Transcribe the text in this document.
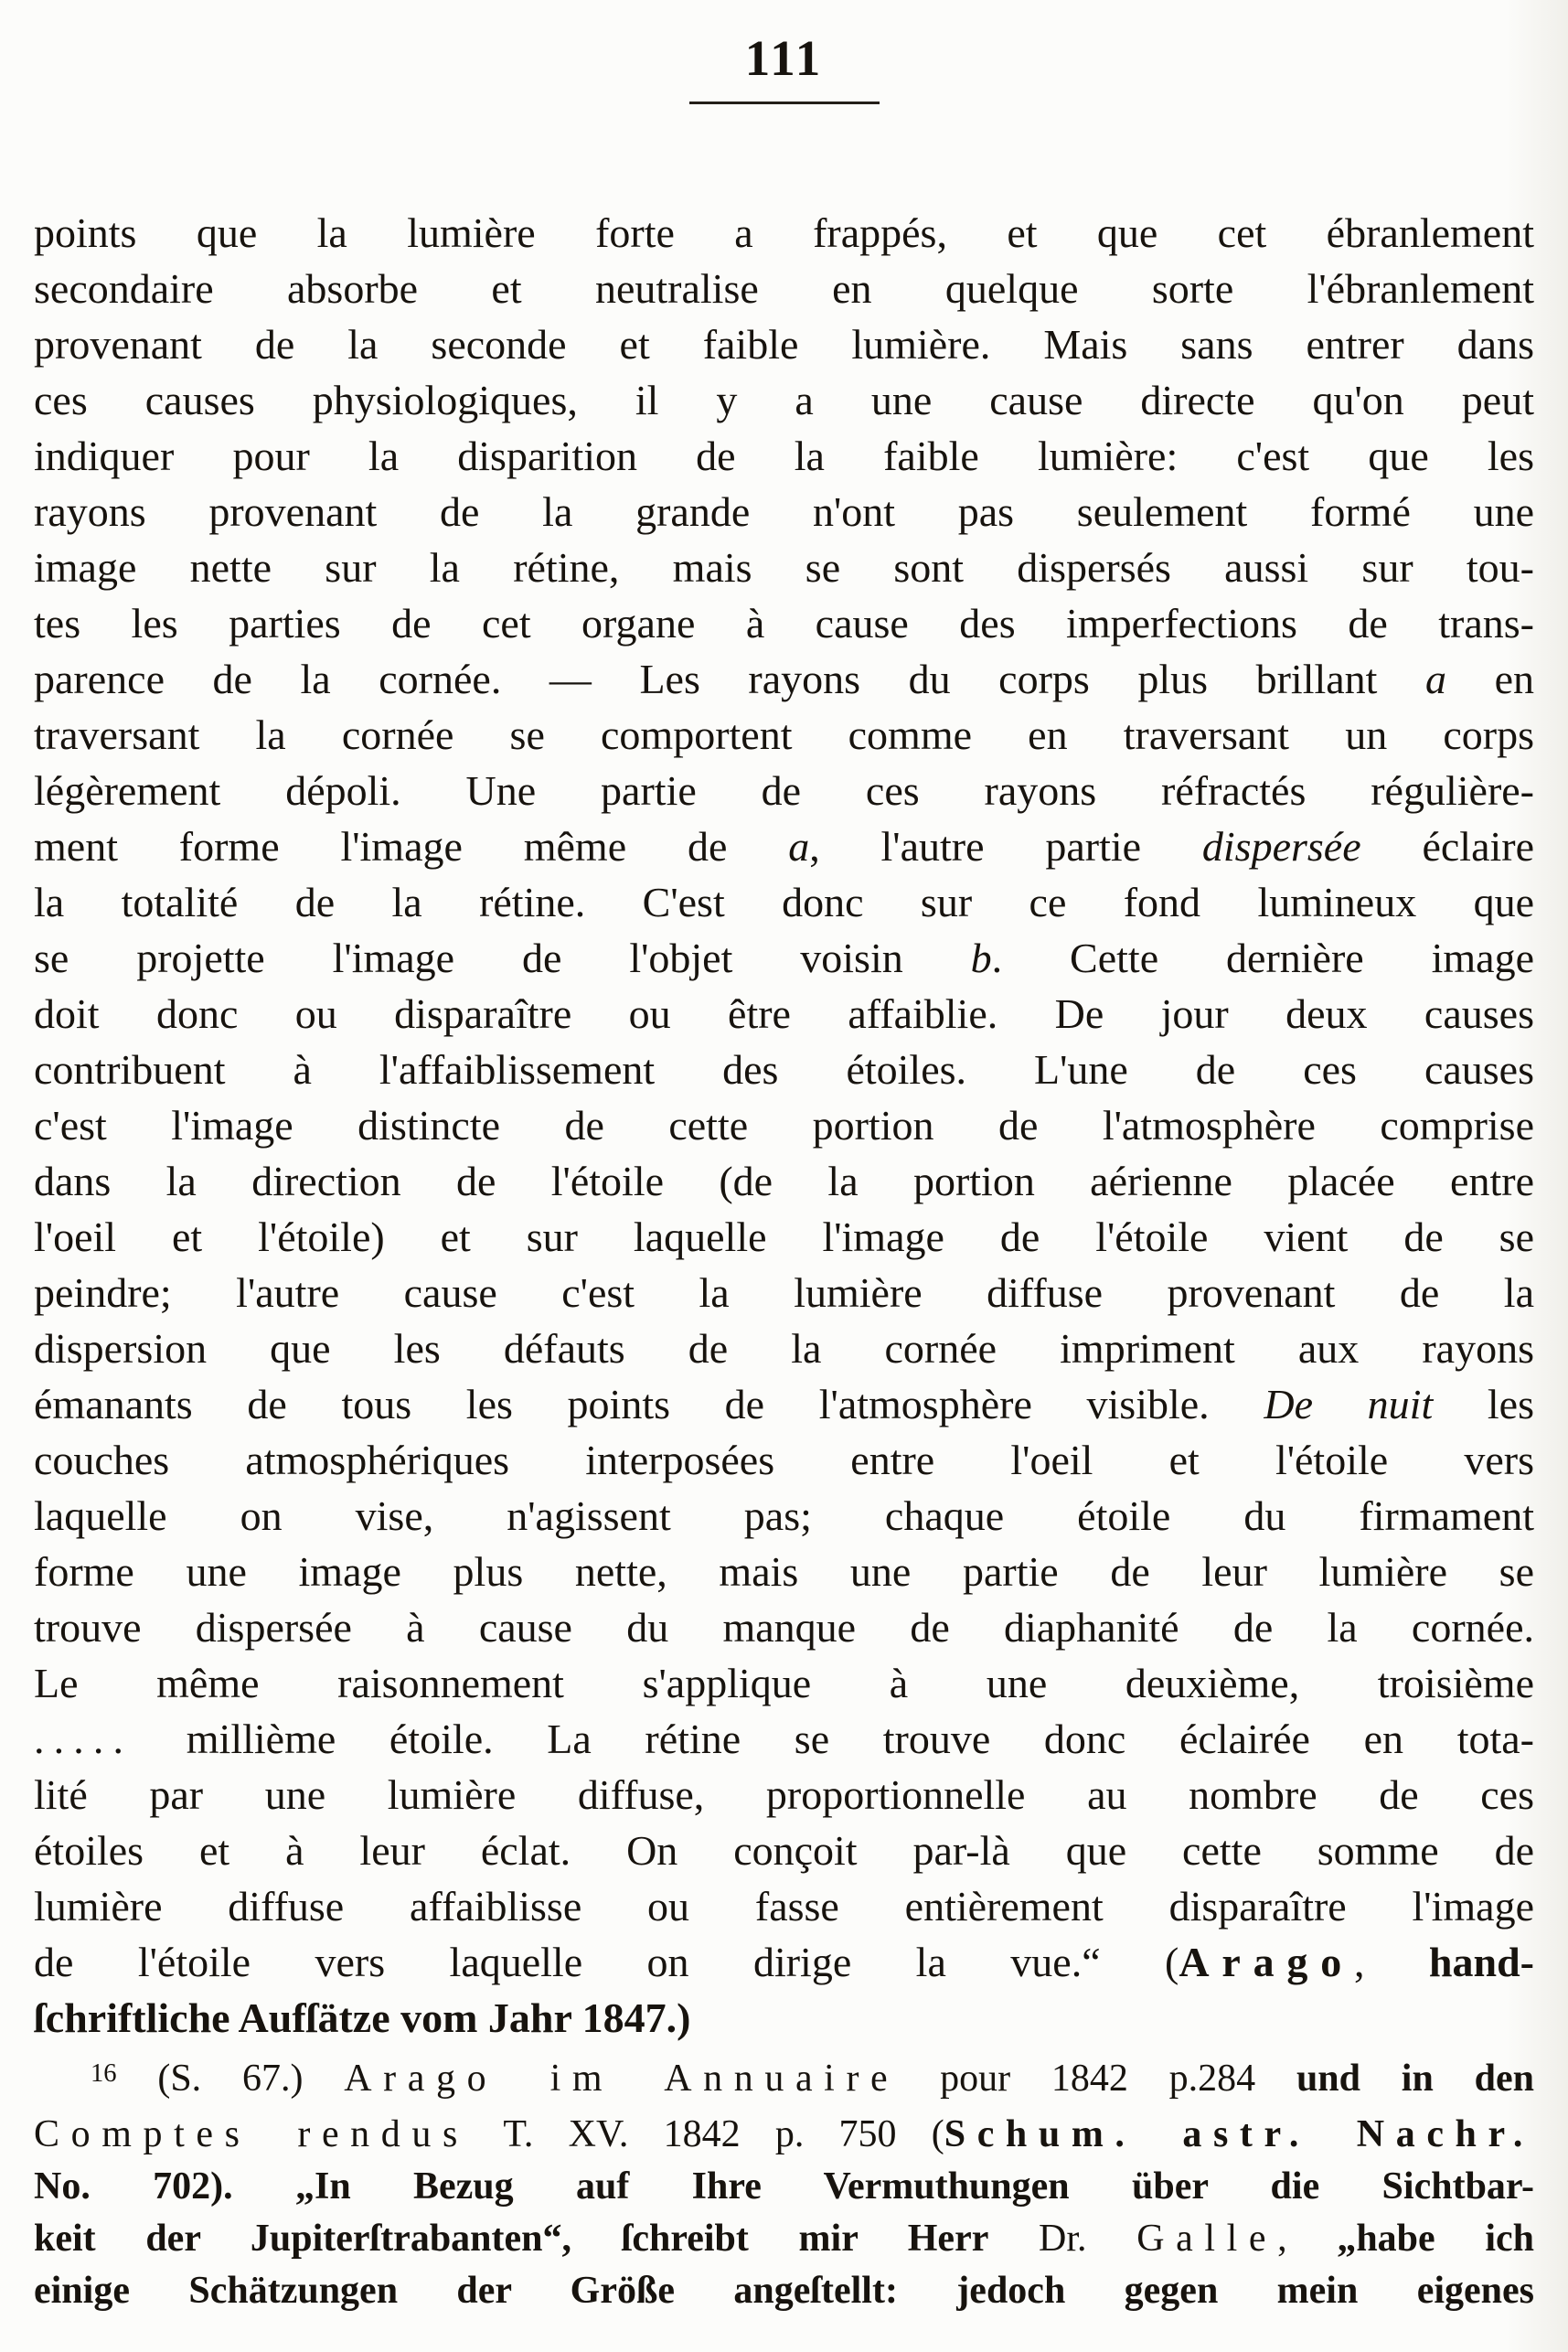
111
points que la lumière forte a frappés, et que cet ébranlement
secondaire absorbe et neutralise en quelque sorte l'ébranlement
provenant de la seconde et faible lumière. Mais sans entrer dans
ces causes physiologiques, il y a une cause directe qu'on peut
indiquer pour la disparition de la faible lumière: c'est que les
rayons provenant de la grande n'ont pas seulement formé une
image nette sur la rétine, mais se sont dispersés aussi sur tou-
tes les parties de cet organe à cause des imperfections de trans-
parence de la cornée. — Les rayons du corps plus brillant a en
traversant la cornée se comportent comme en traversant un corps
légèrement dépoli. Une partie de ces rayons réfractés régulière-
ment forme l'image même de a, l'autre partie dispersée éclaire
la totalité de la rétine. C'est donc sur ce fond lumineux que
se projette l'image de l'objet voisin b. Cette dernière image
doit donc ou disparaître ou être affaiblie. De jour deux causes
contribuent à l'affaiblissement des étoiles. L'une de ces causes
c'est l'image distincte de cette portion de l'atmosphère comprise
dans la direction de l'étoile (de la portion aérienne placée entre
l'oeil et l'étoile) et sur laquelle l'image de l'étoile vient de se
peindre; l'autre cause c'est la lumière diffuse provenant de la
dispersion que les défauts de la cornée impriment aux rayons
émanants de tous les points de l'atmosphère visible. De nuit les
couches atmosphériques interposées entre l'oeil et l'étoile vers
laquelle on vise, n'agissent pas; chaque étoile du firmament
forme une image plus nette, mais une partie de leur lumière se
trouve dispersée à cause du manque de diaphanité de la cornée.
Le même raisonnement s'applique à une deuxième, troisième
..... millième étoile. La rétine se trouve donc éclairée en tota-
lité par une lumière diffuse, proportionnelle au nombre de ces
étoiles et à leur éclat. On conçoit par-là que cette somme de
lumière diffuse affaiblisse ou fasse entièrement disparaître l'image
de l'étoile vers laquelle on dirige la vue.“ (Arago, hand-
ſchriftliche Aufſätze vom Jahr 1847.)
$^{16}$ (S. 67.) Arago im Annuaire pour 1842 p.284 und in den
Comptes rendus T. XV. 1842 p. 750 (Schum. astr. Nachr.
No. 702). „In Bezug auf Ihre Vermuthungen über die Sichtbar-
keit der Jupiterſtrabanten“, ſchreibt mir Herr Dr. Galle, „habe ich
einige Schätzungen der Größe angeſtellt: jedoch gegen mein eigenes
